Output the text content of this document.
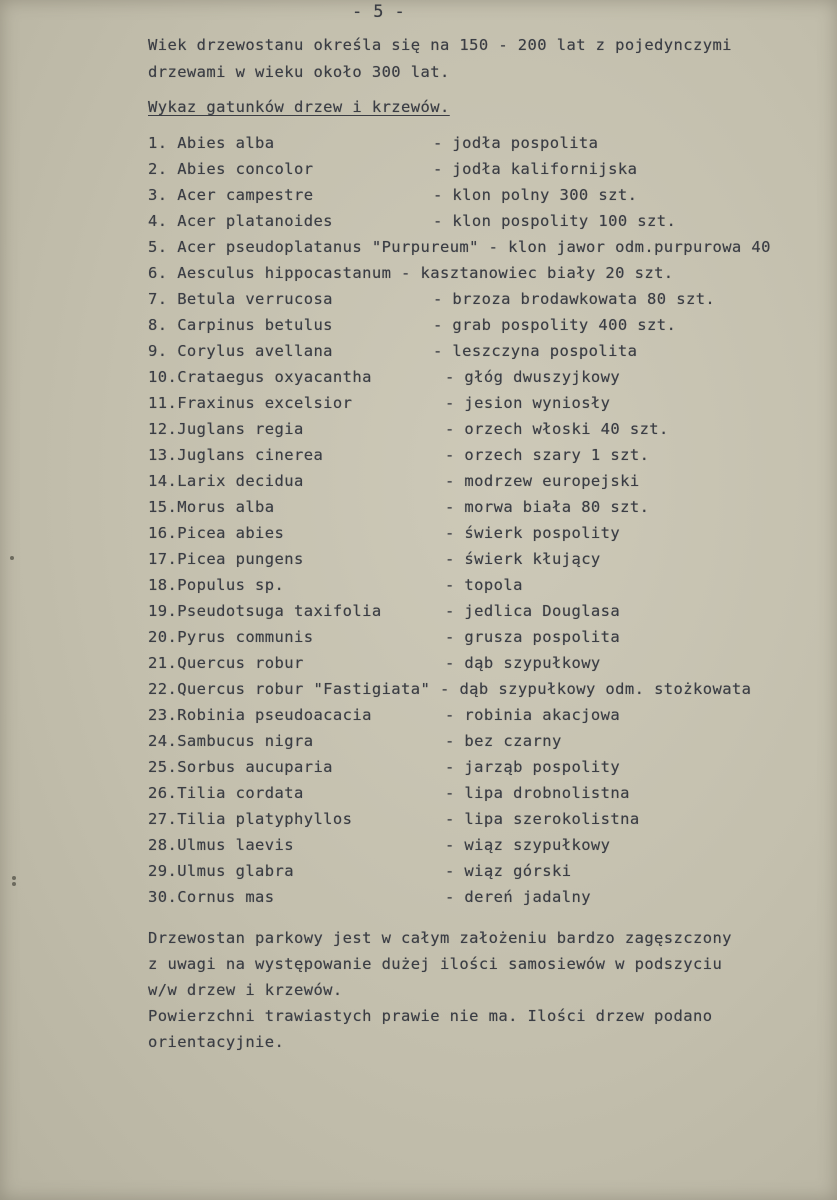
- 5 -
Wiek drzewostanu określa się na 150 - 200 lat z pojedynczymi
drzewami w wieku około 300 lat.
Wykaz gatunków drzew i krzewów.
1. Abies alba	- jodła pospolita
2. Abies concolor	- jodła kalifornijska
3. Acer campestre	- klon polny 300 szt.
4. Acer platanoides	- klon pospolity 100 szt.
5. Acer pseudoplatanus "Purpureum" - klon jawor odm.purpurowa 40
6. Aesculus hippocastanum - kasztanowiec biały 20 szt.
7. Betula verrucosa	- brzoza brodawkowata 80 szt.
8. Carpinus betulus	- grab pospolity 400 szt.
9. Corylus avellana	- leszczyna pospolita
10.Crataegus oxyacantha	- głóg dwuszyjkowy
11.Fraxinus excelsior	- jesion wyniosły
12.Juglans regia	- orzech włoski 40 szt.
13.Juglans cinerea	- orzech szary 1 szt.
14.Larix decidua	- modrzew europejski
15.Morus alba	- morwa biała 80 szt.
16.Picea abies	- świerk pospolity
17.Picea pungens	- świerk kłujący
18.Populus sp.	- topola
19.Pseudotsuga taxifolia	- jedlica Douglasa
20.Pyrus communis	- grusza pospolita
21.Quercus robur	- dąb szypułkowy
22.Quercus robur "Fastigiata" - dąb szypułkowy odm. stożkowata
23.Robinia pseudoacacia	- robinia akacjowa
24.Sambucus nigra	- bez czarny
25.Sorbus aucuparia	- jarząb pospolity
26.Tilia cordata	- lipa drobnolistna
27.Tilia platyphyllos	- lipa szerokolistna
28.Ulmus laevis	- wiąz szypułkowy
29.Ulmus glabra	- wiąz górski
30.Cornus mas	- dereń jadalny
Drzewostan parkowy jest w całym założeniu bardzo zagęszczony
z uwagi na występowanie dużej ilości samosiewów w podszyciu
w/w drzew i krzewów.
Powierzchni trawiastych prawie nie ma. Ilości drzew podano
orientacyjnie.
